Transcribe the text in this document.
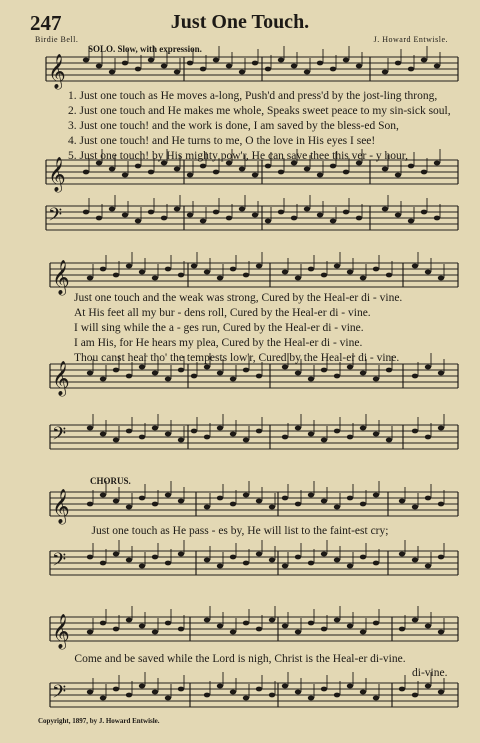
247	Just One Touch.
Birdie Bell.	J. Howard Entwisle.
SOLO. Slow, with expression.
𝄞
𝄞
𝄢
𝄞
𝄞
𝄢
𝄞
𝄢
𝄞
𝄢
1. Just one touch as He moves a-long, Push'd and press'd by the jost-ling throng,
2. Just one touch and He makes me whole, Speaks sweet peace to my sin-sick soul,
3. Just one touch! and the work is done, I am saved by the bless-ed Son,
4. Just one touch! and He turns to me, O the love in His eyes I see!
5. Just one touch! by His mighty pow'r, He can save thee this ver - y hour,
Just one touch and the weak was strong, Cured by the Heal-er di - vine.
At His feet all my bur - dens roll, Cured by the Heal-er di - vine.
I will sing while the a - ges run, Cured by the Heal-er di - vine.
I am His, for He hears my plea, Cured by the Heal-er di - vine.
Thou canst hear tho' the tempests low'r, Cured by the Heal-er di - vine.
CHORUS.
Just one touch as He pass - es by, He will list to the faint-est cry;
Come and be saved while the Lord is nigh, Christ is the Heal-er di-vine.
di-vine.
Copyright, 1897, by J. Howard Entwisle.
